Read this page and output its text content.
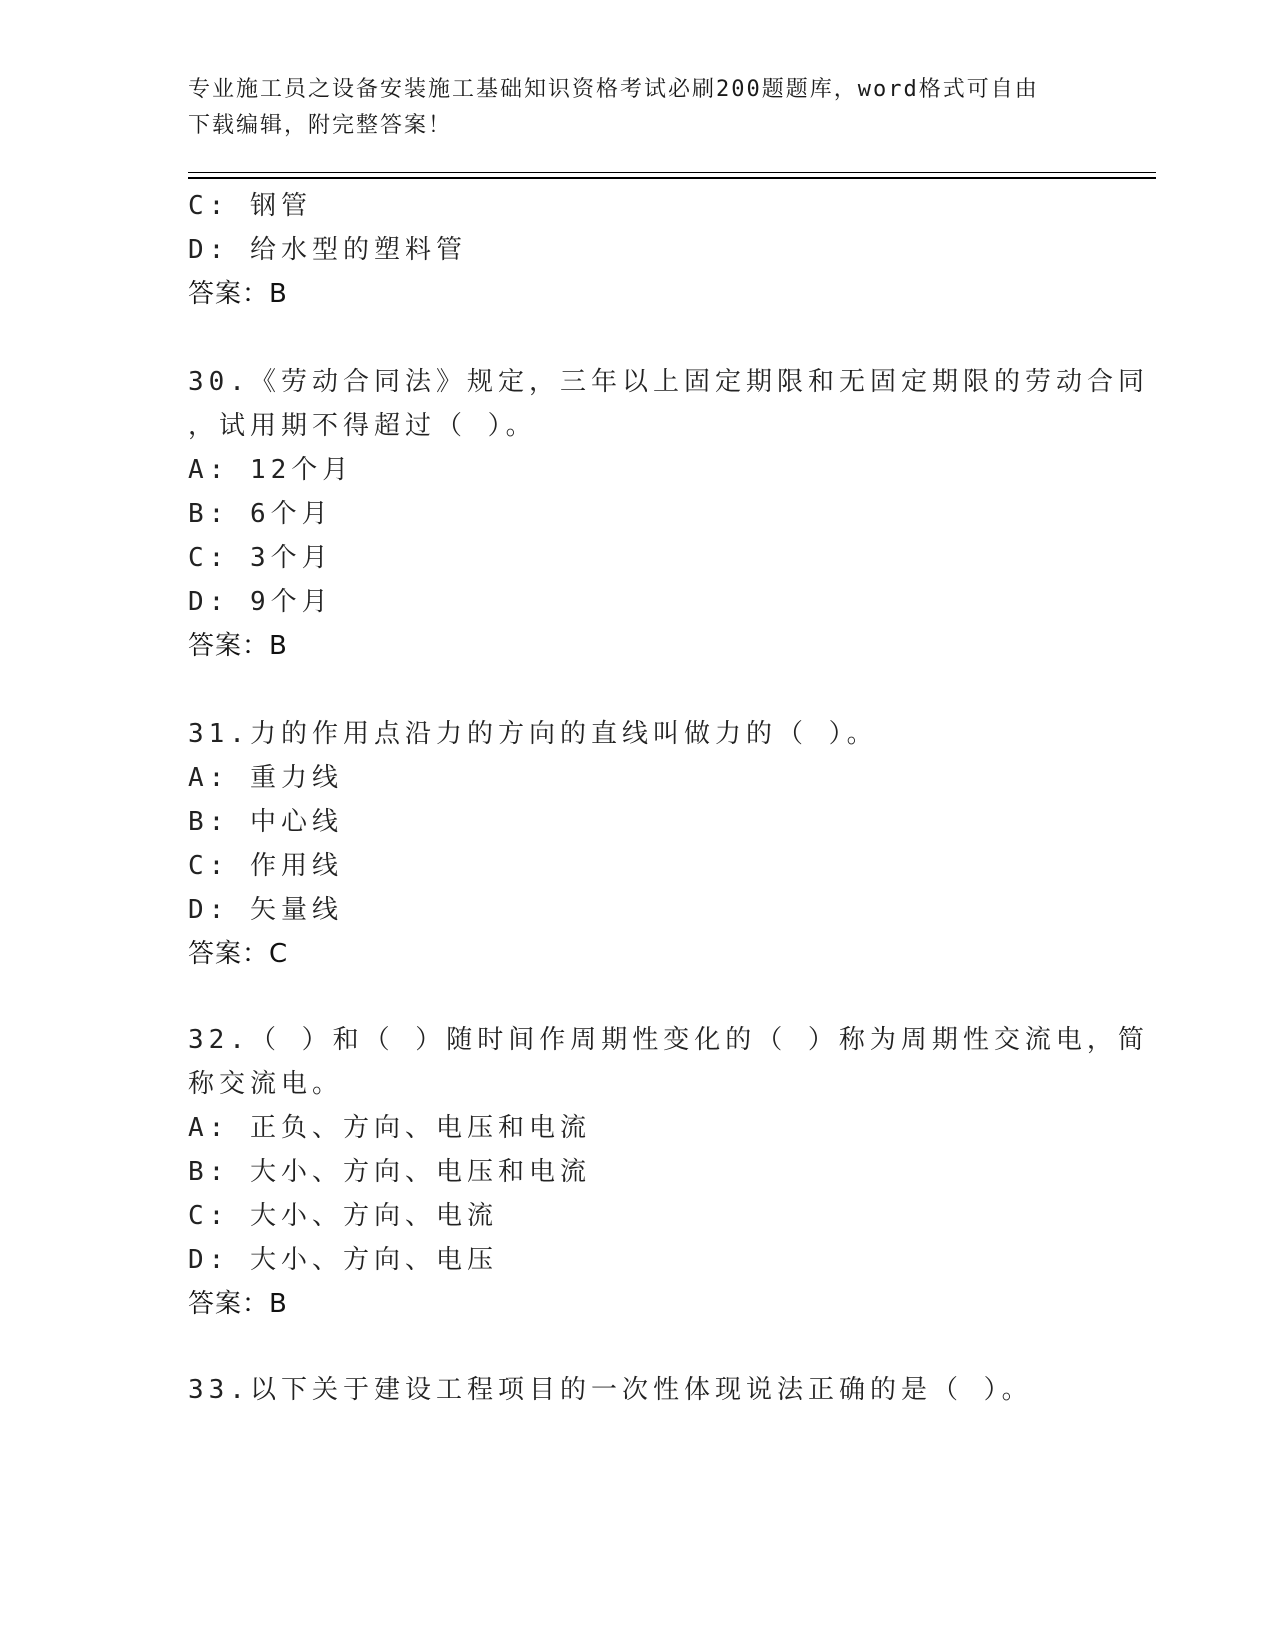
专业施工员之设备安装施工基础知识资格考试必刷200题题库，word格式可自由
下载编辑，附完整答案！
C: 钢管
D: 给水型的塑料管
答案：B
30.《劳动合同法》规定，三年以上固定期限和无固定期限的劳动合同
，试用期不得超过（ ）。
A: 12个月
B: 6个月
C: 3个月
D: 9个月
答案：B
31.力的作用点沿力的方向的直线叫做力的（ ）。
A: 重力线
B: 中心线
C: 作用线
D: 矢量线
答案：C
32.（ ）和（ ）随时间作周期性变化的（ ）称为周期性交流电，简
称交流电。
A: 正负、方向、电压和电流
B: 大小、方向、电压和电流
C: 大小、方向、电流
D: 大小、方向、电压
答案：B
33.以下关于建设工程项目的一次性体现说法正确的是（ ）。
